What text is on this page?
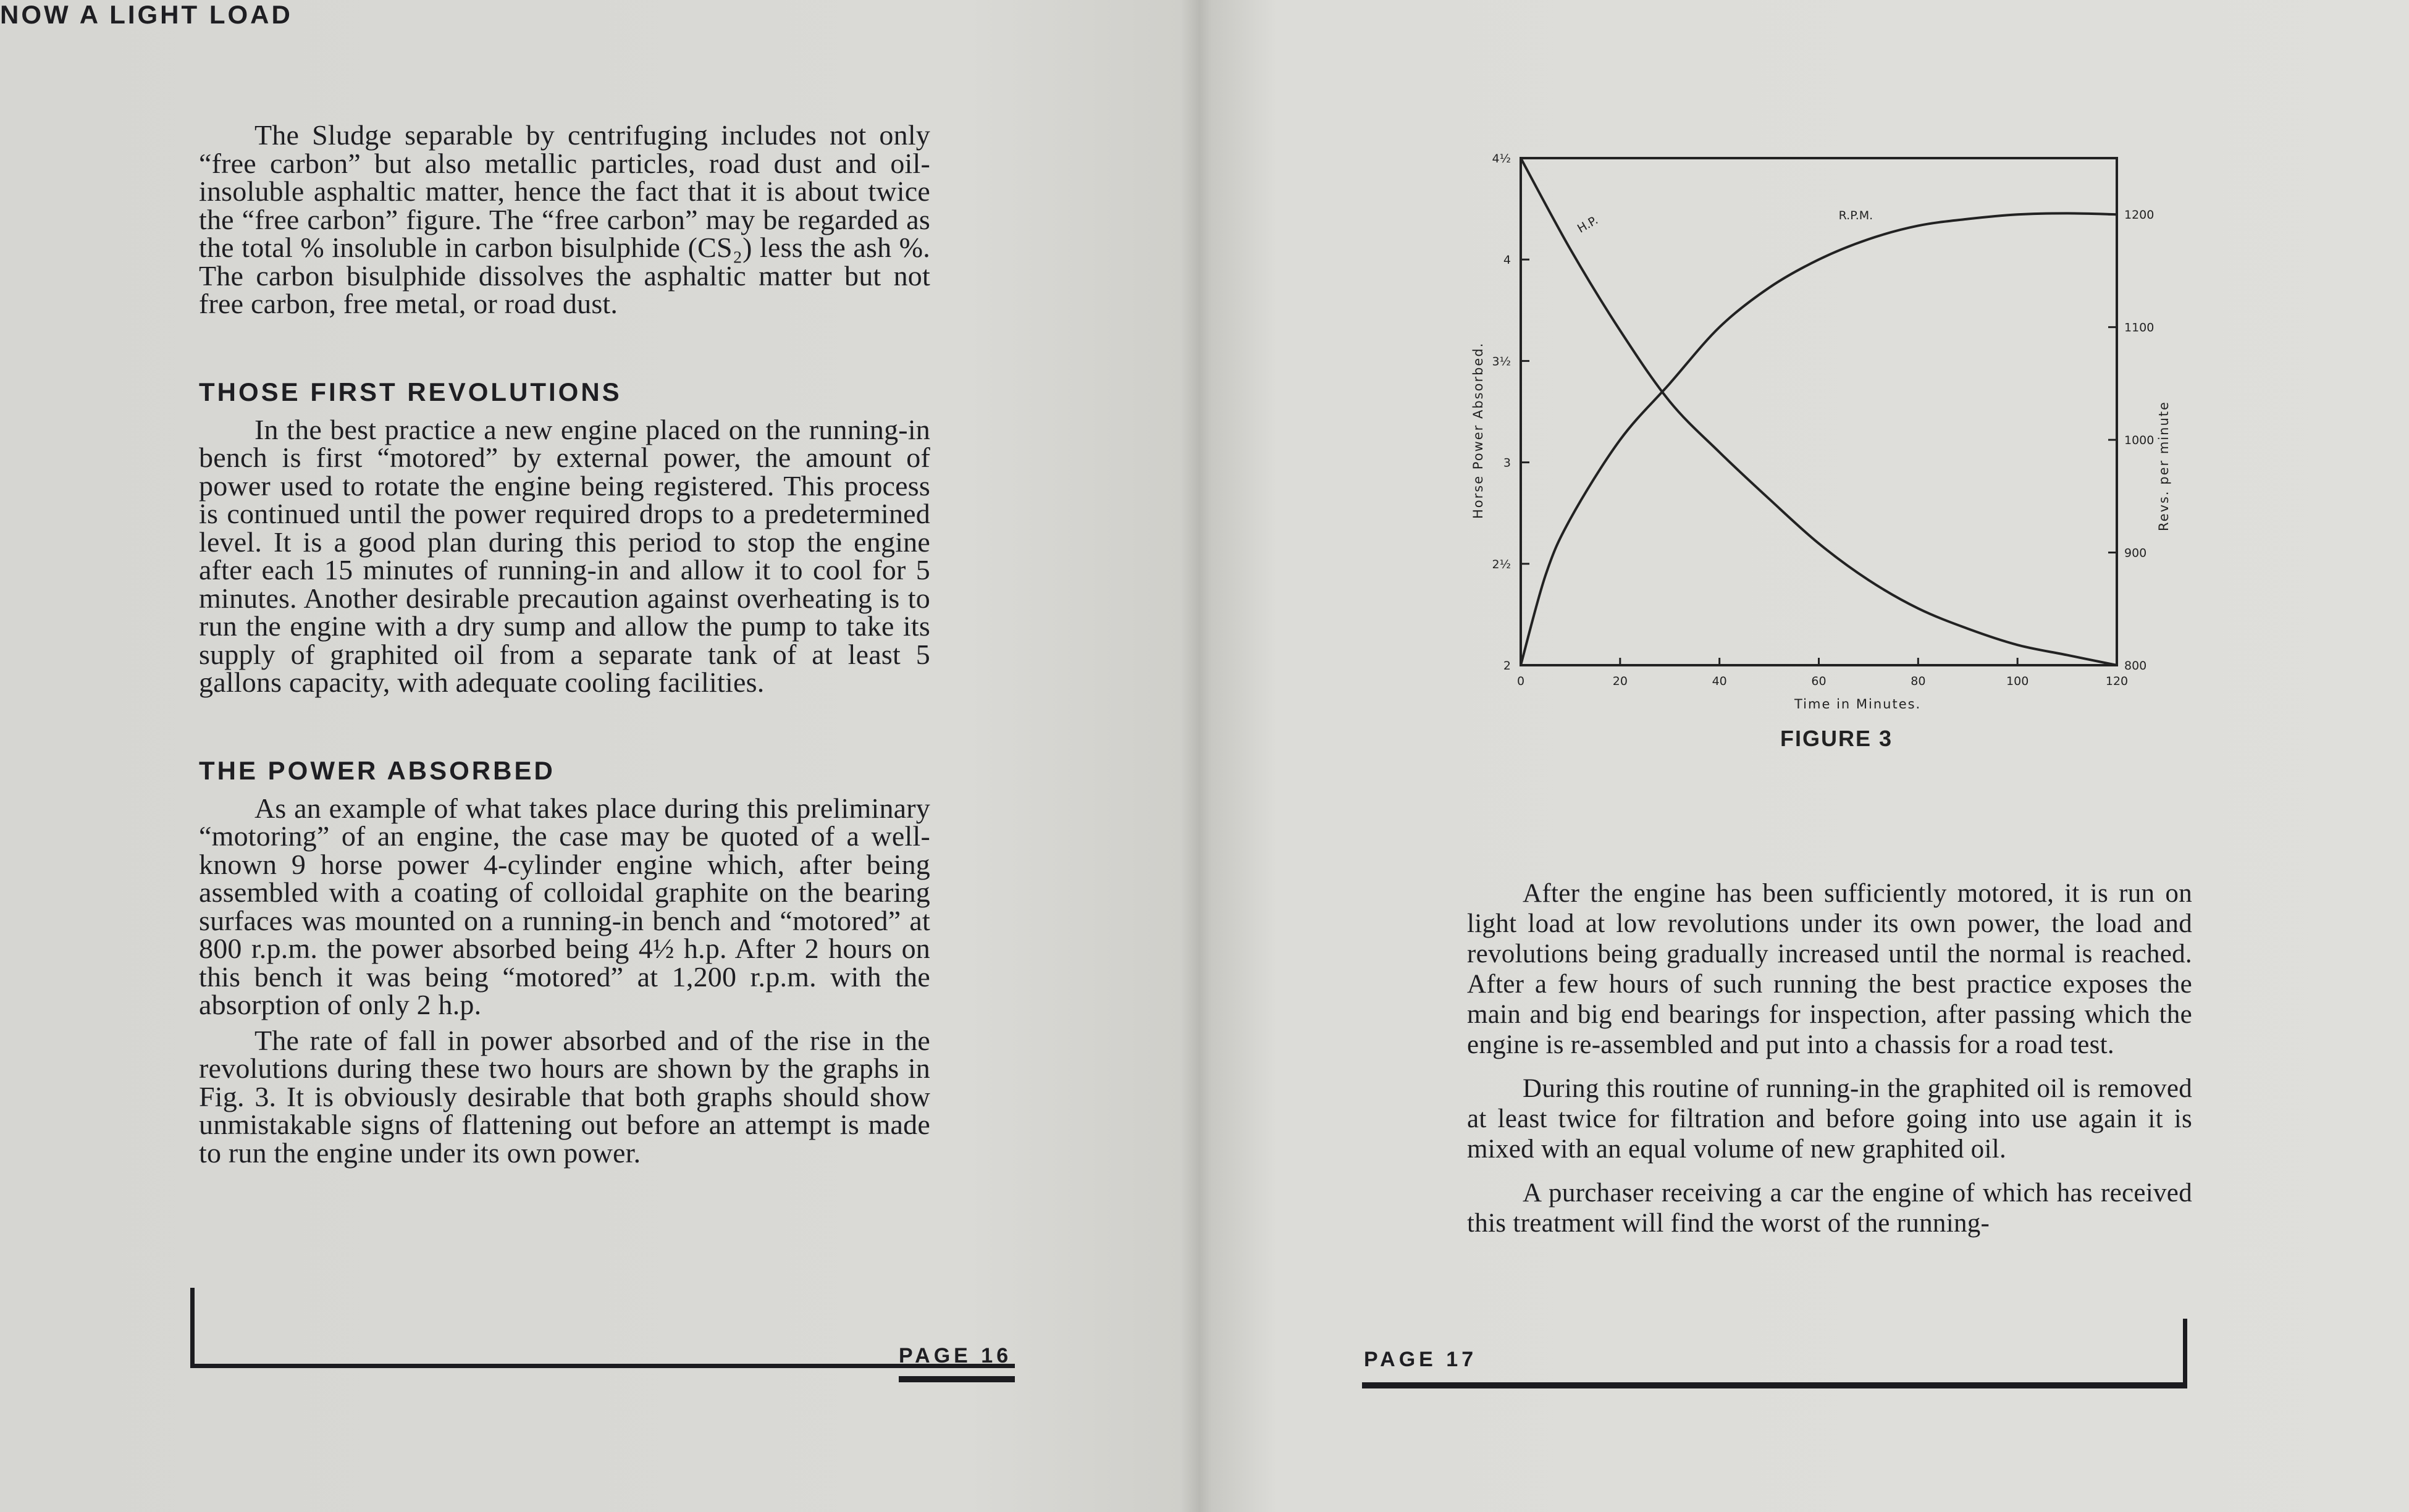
The Sludge separable by centrifuging includes not only “free carbon” but also metallic particles, road dust and oil-insoluble asphaltic matter, hence the fact that it is about twice the “free carbon” figure. The “free carbon” may be regarded as the total % insoluble in carbon bisulphide (CS₂) less the ash %. The carbon bisulphide dissolves the asphaltic matter but not free carbon, free metal, or road dust.

THOSE FIRST REVOLUTIONS

In the best practice a new engine placed on the running-in bench is first “motored” by external power, the amount of power used to rotate the engine being registered. This process is continued until the power required drops to a predetermined level. It is a good plan during this period to stop the engine after each 15 minutes of running-in and allow it to cool for 5 minutes. Another desirable precaution against overheating is to run the engine with a dry sump and allow the pump to take its supply of graphited oil from a separate tank of at least 5 gallons capacity, with adequate cooling facilities.

THE POWER ABSORBED

As an example of what takes place during this preliminary “motoring” of an engine, the case may be quoted of a well-known 9 horse power 4-cylinder engine which, after being assembled with a coating of colloidal graphite on the bearing surfaces was mounted on a running-in bench and “motored” at 800 r.p.m. the power absorbed being 4½ h.p. After 2 hours on this bench it was being “motored” at 1,200 r.p.m. with the absorption of only 2 h.p.

The rate of fall in power absorbed and of the rise in the revolutions during these two hours are shown by the graphs in Fig. 3. It is obviously desirable that both graphs should show unmistakable signs of flattening out before an attempt is made to run the engine under its own power.

PAGE 16
NOW A LIGHT LOAD

After the engine has been sufficiently motored, it is run on light load at low revolutions under its own power, the load and revolutions being gradually increased until the normal is reached. After a few hours of such running the best practice exposes the main and big end bearings for inspection, after passing which the engine is re-assembled and put into a chassis for a road test.

During this routine of running-in the graphited oil is removed at least twice for filtration and before going into use again it is mixed with an equal volume of new graphited oil.

A purchaser receiving a car the engine of which has received this treatment will find the worst of the running-

PAGE 17
0	20	40	60	80	100	120
2
2½
3
3½
4
4½
800
900
1000
1100
1200
H.P.	R.P.M.
Time in Minutes.
Horse Power Absorbed.	Revs. per minute
FIGURE 3
